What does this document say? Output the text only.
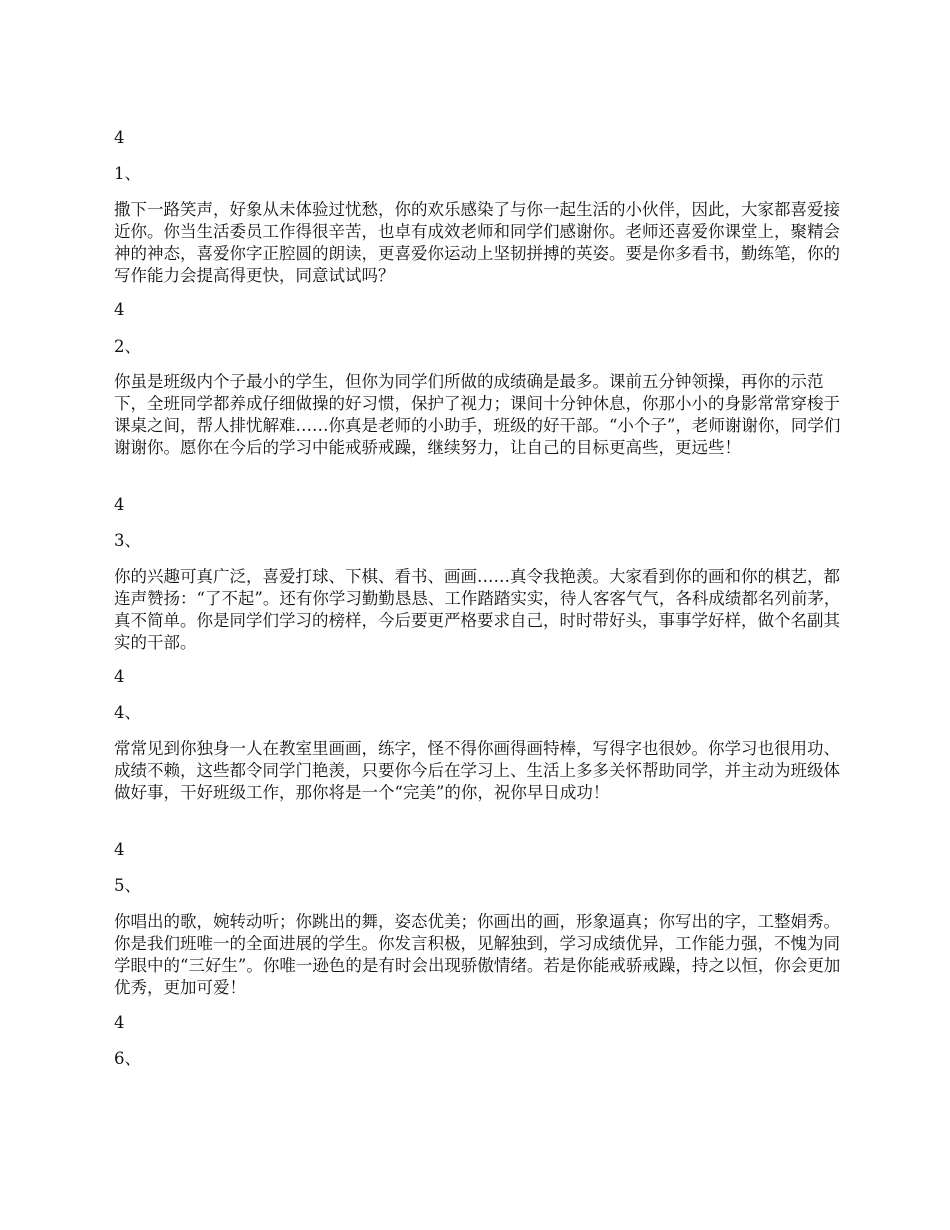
4

1、

撒下一路笑声，好象从未体验过忧愁，你的欢乐感染了与你一起生活的小伙伴，因此，大家都喜爱接近你。你当生活委员工作得很辛苦，也卓有成效老师和同学们感谢你。老师还喜爱你课堂上，聚精会神的神态，喜爱你字正腔圆的朗读，更喜爱你运动上坚韧拼搏的英姿。要是你多看书，勤练笔，你的写作能力会提高得更快，同意试试吗？

4

2、

你虽是班级内个子最小的学生，但你为同学们所做的成绩确是最多。课前五分钟领操，再你的示范下，全班同学都养成仔细做操的好习惯，保护了视力；课间十分钟休息，你那小小的身影常常穿梭于课桌之间，帮人排忧解难……你真是老师的小助手，班级的好干部。“小个子”，老师谢谢你，同学们谢谢你。愿你在今后的学习中能戒骄戒躁，继续努力，让自己的目标更高些，更远些！

4

3、

你的兴趣可真广泛，喜爱打球、下棋、看书、画画……真令我艳羡。大家看到你的画和你的棋艺，都连声赞扬：“了不起”。还有你学习勤勤恳恳、工作踏踏实实，待人客客气气，各科成绩都名列前茅，真不简单。你是同学们学习的榜样，今后要更严格要求自己，时时带好头，事事学好样，做个名副其实的干部。

4

4、

常常见到你独身一人在教室里画画，练字，怪不得你画得画特棒，写得字也很妙。你学习也很用功、成绩不赖，这些都令同学门艳羡，只要你今后在学习上、生活上多多关怀帮助同学，并主动为班级体做好事，干好班级工作，那你将是一个“完美”的你，祝你早日成功！

4

5、

你唱出的歌，婉转动听；你跳出的舞，姿态优美；你画出的画，形象逼真；你写出的字，工整娟秀。你是我们班唯一的全面进展的学生。你发言积极，见解独到，学习成绩优异，工作能力强，不愧为同学眼中的“三好生”。你唯一逊色的是有时会出现骄傲情绪。若是你能戒骄戒躁，持之以恒，你会更加优秀，更加可爱！

4

6、
